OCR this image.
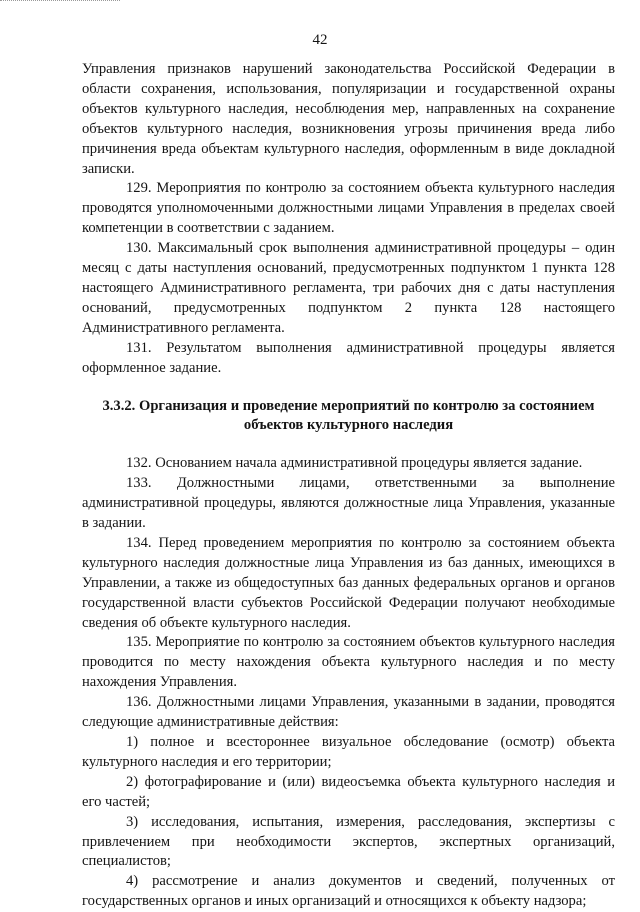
42

Управления признаков нарушений законодательства Российской Федерации в области сохранения, использования, популяризации и государственной охраны объектов культурного наследия, несоблюдения мер, направленных на сохранение объектов культурного наследия, возникновения угрозы причинения вреда либо причинения вреда объектам культурного наследия, оформленным в виде докладной записки.

129. Мероприятия по контролю за состоянием объекта культурного наследия проводятся уполномоченными должностными лицами Управления в пределах своей компетенции в соответствии с заданием.

130. Максимальный срок выполнения административной процедуры – один месяц с даты наступления оснований, предусмотренных подпунктом 1 пункта 128 настоящего Административного регламента, три рабочих дня с даты наступления оснований, предусмотренных подпунктом 2 пункта 128 настоящего Административного регламента.

131. Результатом выполнения административной процедуры является оформленное задание.

3.3.2. Организация и проведение мероприятий по контролю за состоянием объектов культурного наследия

132. Основанием начала административной процедуры является задание.

133. Должностными лицами, ответственными за выполнение административной процедуры, являются должностные лица Управления, указанные в задании.

134. Перед проведением мероприятия по контролю за состоянием объекта культурного наследия должностные лица Управления из баз данных, имеющихся в Управлении, а также из общедоступных баз данных федеральных органов и органов государственной власти субъектов Российской Федерации получают необходимые сведения об объекте культурного наследия.

135. Мероприятие по контролю за состоянием объектов культурного наследия проводится по месту нахождения объекта культурного наследия и по месту нахождения Управления.

136. Должностными лицами Управления, указанными в задании, проводятся следующие административные действия:

1) полное и всестороннее визуальное обследование (осмотр) объекта культурного наследия и его территории;

2) фотографирование и (или) видеосъемка объекта культурного наследия и его частей;

3) исследования, испытания, измерения, расследования, экспертизы с привлечением при необходимости экспертов, экспертных организаций, специалистов;

4) рассмотрение и анализ документов и сведений, полученных от государственных органов и иных организаций и относящихся к объекту надзора;
